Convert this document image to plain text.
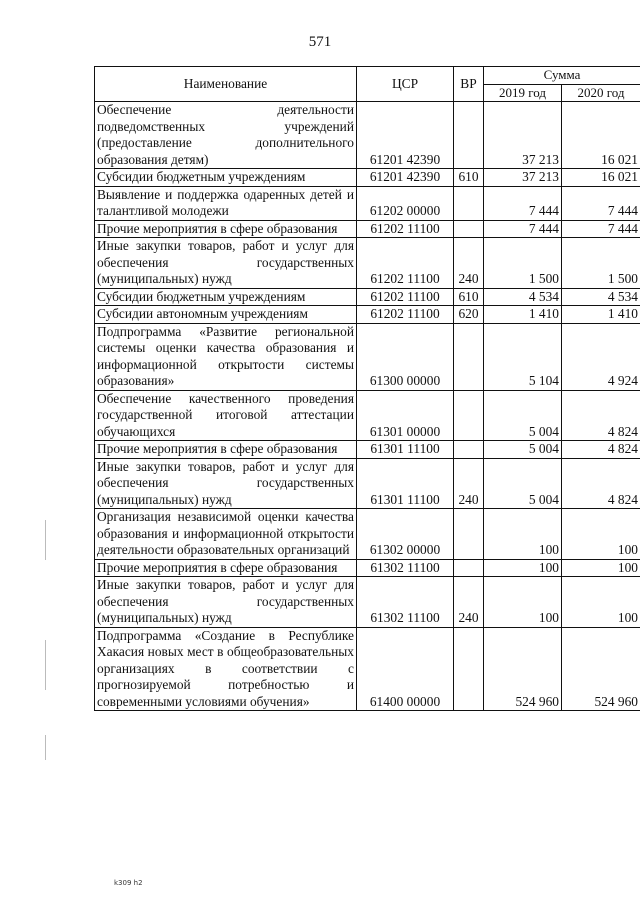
571
Наименование	ЦСР	ВР	Сумма	
			2019 год	2020 год
Обеспечение деятельности подведомственных учреждений (предоставление дополнительного образования детям)	61201 42390		37 213	16 021
Субсидии бюджетным учреждениям	61201 42390	610	37 213	16 021
Выявление и поддержка одаренных детей и талантливой молодежи	61202 00000		7 444	7 444
Прочие мероприятия в сфере образования	61202 11100		7 444	7 444
Иные закупки товаров, работ и услуг для обеспечения государственных (муниципальных) нужд	61202 11100	240	1 500	1 500
Субсидии бюджетным учреждениям	61202 11100	610	4 534	4 534
Субсидии автономным учреждениям	61202 11100	620	1 410	1 410
Подпрограмма «Развитие региональной системы оценки качества образования и информационной открытости системы образования»	61300 00000		5 104	4 924
Обеспечение качественного проведения государственной итоговой аттестации обучающихся	61301 00000		5 004	4 824
Прочие мероприятия в сфере образования	61301 11100		5 004	4 824
Иные закупки товаров, работ и услуг для обеспечения государственных (муниципальных) нужд	61301 11100	240	5 004	4 824
Организация независимой оценки качества образования и информационной открытости деятельности образовательных организаций	61302 00000		100	100
Прочие мероприятия в сфере образования	61302 11100		100	100
Иные закупки товаров, работ и услуг для обеспечения государственных (муниципальных) нужд	61302 11100	240	100	100
Подпрограмма «Создание в Республике Хакасия новых мест в общеобразовательных организациях в соответствии с прогнозируемой потребностью и современными условиями обучения»	61400 00000		524 960	524 960
k309 h2
